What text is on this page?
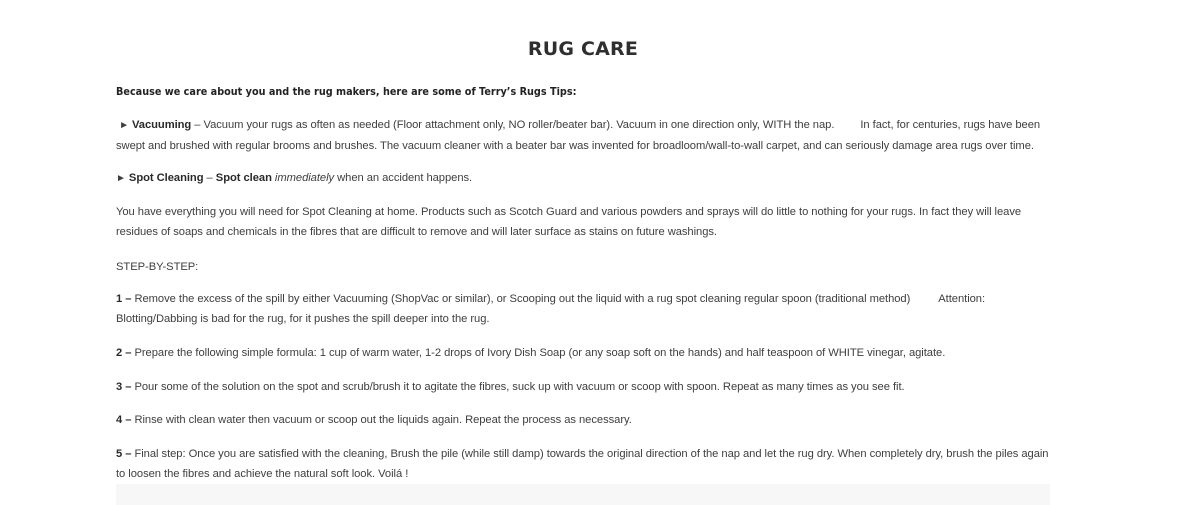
RUG CARE

Because we care about you and the rug makers, here are some of Terry’s Rugs Tips:

► Vacuuming – Vacuum your rugs as often as needed (Floor attachment only, NO roller/beater bar). Vacuum in one direction only, WITH the nap. In fact, for centuries, rugs have been swept and brushed with regular brooms and brushes. The vacuum cleaner with a beater bar was invented for broadloom/wall-to-wall carpet, and can seriously damage area rugs over time.

► Spot Cleaning – Spot clean immediately when an accident happens.

You have everything you will need for Spot Cleaning at home. Products such as Scotch Guard and various powders and sprays will do little to nothing for your rugs. In fact they will leave residues of soaps and chemicals in the fibres that are difficult to remove and will later surface as stains on future washings.

STEP-BY-STEP:

1 – Remove the excess of the spill by either Vacuuming (ShopVac or similar), or Scooping out the liquid with a rug spot cleaning regular spoon (traditional method)	Attention: Blotting/Dabbing is bad for the rug, for it pushes the spill deeper into the rug.

2 – Prepare the following simple formula: 1 cup of warm water, 1-2 drops of Ivory Dish Soap (or any soap soft on the hands) and half teaspoon of WHITE vinegar, agitate.

3 – Pour some of the solution on the spot and scrub/brush it to agitate the fibres, suck up with vacuum or scoop with spoon. Repeat as many times as you see fit.

4 – Rinse with clean water then vacuum or scoop out the liquids again. Repeat the process as necessary.

5 – Final step: Once you are satisfied with the cleaning, Brush the pile (while still damp) towards the original direction of the nap and let the rug dry. When completely dry, brush the piles again to loosen the fibres and achieve the natural soft look. Voilá !
